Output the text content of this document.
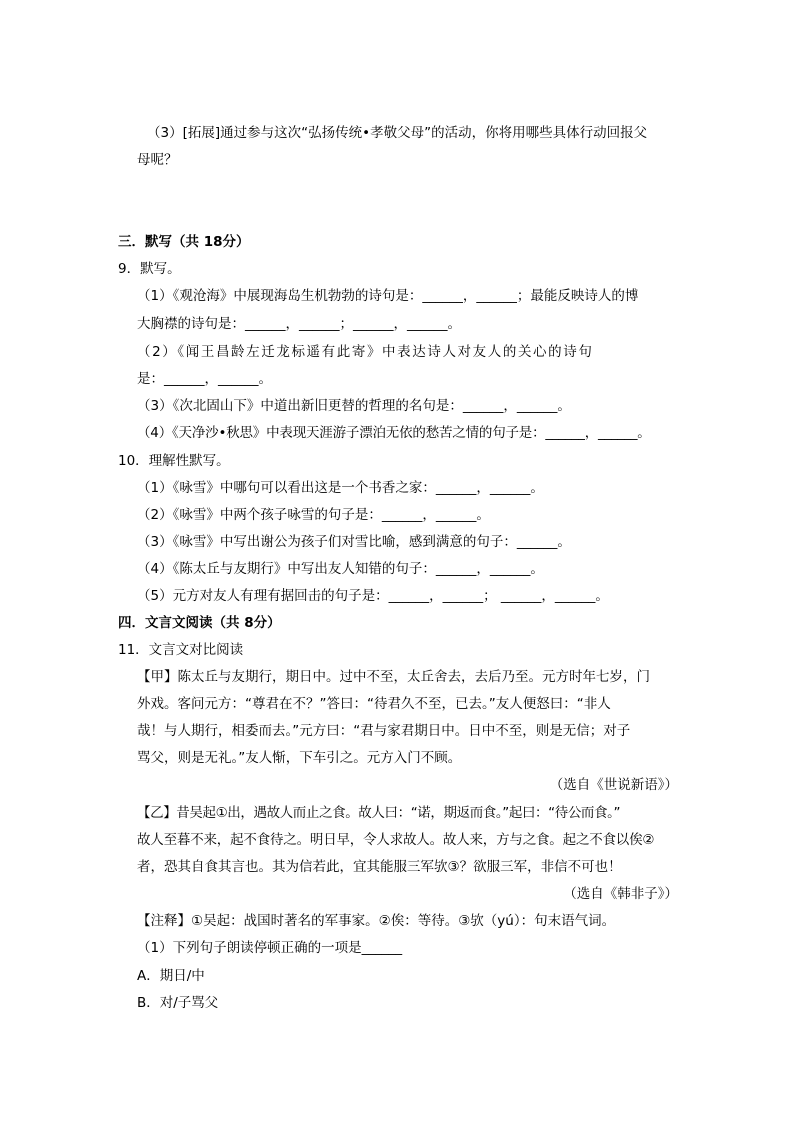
（3）[拓展]通过参与这次“弘扬传统•孝敬父母”的活动，你将用哪些具体行动回报父
母呢？
三．默写（共 18分）
9．默写。
（1）《观沧海》中展现海岛生机勃勃的诗句是：______，______；最能反映诗人的博
大胸襟的诗句是：______，______；______，______。
（2）《闻王昌龄左迁龙标遥有此寄》中表达诗人对友人的关心的诗句
是：______，______。
（3）《次北固山下》中道出新旧更替的哲理的名句是：______，______。
（4）《天净沙•秋思》中表现天涯游子漂泊无依的愁苦之情的句子是：______，______。
10．理解性默写。
（1）《咏雪》中哪句可以看出这是一个书香之家：______，______。
（2）《咏雪》中两个孩子咏雪的句子是：______，______。
（3）《咏雪》中写出谢公为孩子们对雪比喻，感到满意的句子：______。
（4）《陈太丘与友期行》中写出友人知错的句子：______，______。
（5）元方对友人有理有据回击的句子是：______，______； ______，______。
四．文言文阅读（共 8分）
11．文言文对比阅读
【甲】陈太丘与友期行，期日中。过中不至，太丘舍去，去后乃至。元方时年七岁，门
外戏。客问元方：“尊君在不？”答曰：“待君久不至，已去。”友人便怒曰：“非人
哉！与人期行，相委而去。”元方曰：“君与家君期日中。日中不至，则是无信；对子
骂父，则是无礼。”友人惭，下车引之。元方入门不顾。
（选自《世说新语》）
【乙】昔吴起①出，遇故人而止之食。故人曰：“诺，期返而食。”起曰：“待公而食。”
故人至暮不来，起不食待之。明日早，令人求故人。故人来，方与之食。起之不食以俟②
者，恐其自食其言也。其为信若此，宜其能服三军欤③？欲服三军，非信不可也！
（选自《韩非子》）
【注释】①吴起：战国时著名的军事家。②俟：等待。③欤（yú）：句末语气词。
（1）下列句子朗读停顿正确的一项是______
A．期日/中
B．对/子骂父
